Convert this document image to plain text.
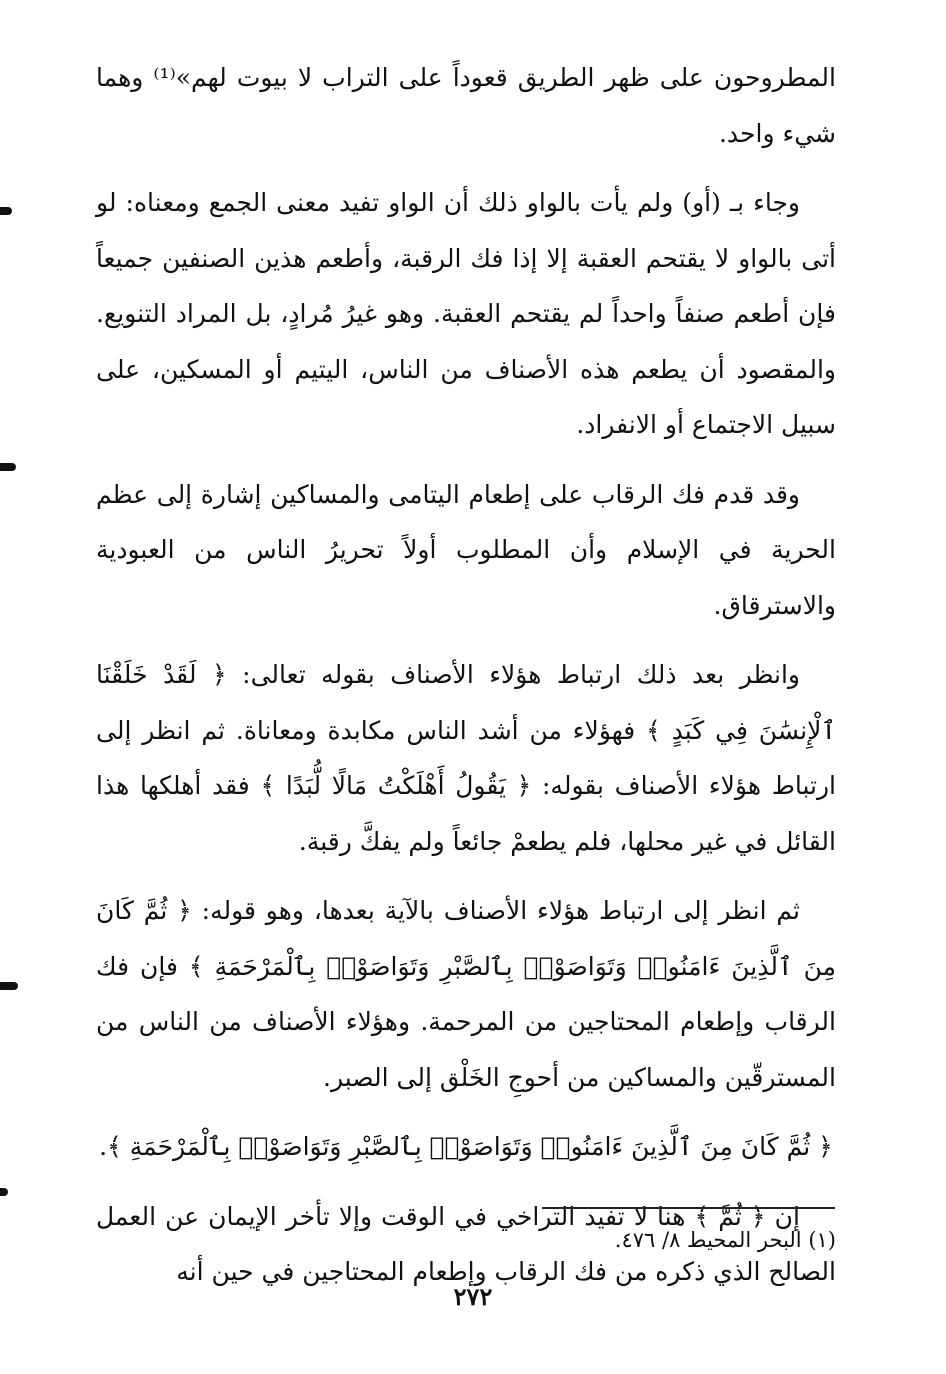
المطروحون على ظهر الطريق قعوداً على التراب لا بيوت لهم»⁽¹⁾ وهما شيء واحد.

وجاء بـ (أو) ولم يأت بالواو ذلك أن الواو تفيد معنى الجمع ومعناه: لو أتى بالواو لا يقتحم العقبة إلا إذا فك الرقبة، وأطعم هذين الصنفين جميعاً فإن أطعم صنفاً واحداً لم يقتحم العقبة. وهو غيرُ مُرادٍ، بل المراد التنويع. والمقصود أن يطعم هذه الأصناف من الناس، اليتيم أو المسكين، على سبيل الاجتماع أو الانفراد.

وقد قدم فك الرقاب على إطعام اليتامى والمساكين إشارة إلى عظم الحرية في الإسلام وأن المطلوب أولاً تحريرُ الناس من العبودية والاسترقاق.

وانظر بعد ذلك ارتباط هؤلاء الأصناف بقوله تعالى: ﴿ لَقَدْ خَلَقْنَا ٱلْإِنسَٰنَ فِي كَبَدٍ ﴾ فهؤلاء من أشد الناس مكابدة ومعاناة. ثم انظر إلى ارتباط هؤلاء الأصناف بقوله: ﴿ يَقُولُ أَهْلَكْتُ مَالًا لُّبَدًا ﴾ فقد أهلكها هذا القائل في غير محلها، فلم يطعمْ جائعاً ولم يفكَّ رقبة.

ثم انظر إلى ارتباط هؤلاء الأصناف بالآية بعدها، وهو قوله: ﴿ ثُمَّ كَانَ مِنَ ٱلَّذِينَ ءَامَنُوا۟ وَتَوَاصَوْا۟ بِٱلصَّبْرِ وَتَوَاصَوْا۟ بِٱلْمَرْحَمَةِ ﴾ فإن فك الرقاب وإطعام المحتاجين من المرحمة. وهؤلاء الأصناف من الناس من المسترقّين والمساكين من أحوجِ الخَلْق إلى الصبر.

﴿ ثُمَّ كَانَ مِنَ ٱلَّذِينَ ءَامَنُوا۟ وَتَوَاصَوْا۟ بِٱلصَّبْرِ وَتَوَاصَوْا۟ بِٱلْمَرْحَمَةِ ﴾.

إن ﴿ ثُمَّ ﴾ هنا لا تفيد التراخي في الوقت وإلا تأخر الإيمان عن العمل الصالح الذي ذكره من فك الرقاب وإطعام المحتاجين في حين أنه

(١) البحر المحيط ٨/ ٤٧٦.
٢٧٢
